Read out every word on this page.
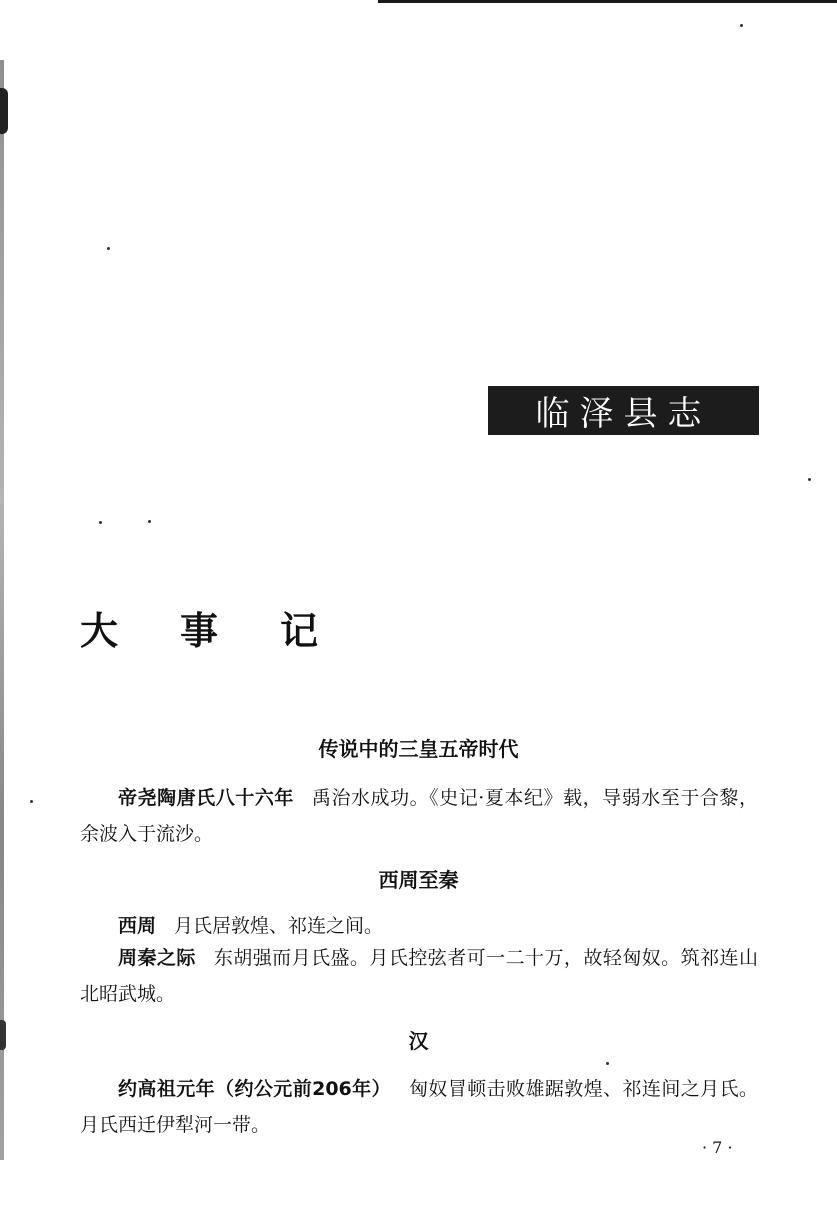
临泽县志
大事记
传说中的三皇五帝时代
帝尧陶唐氏八十六年 禹治水成功。《史记·夏本纪》载，导弱水至于合黎，余波入于流沙。
西周至秦
西周 月氏居敦煌、祁连之间。
周秦之际 东胡强而月氏盛。月氏控弦者可一二十万，故轻匈奴。筑祁连山北昭武城。
汉
约高祖元年（约公元前206年） 匈奴冒顿击败雄踞敦煌、祁连间之月氏。月氏西迁伊犁河一带。
· 7 ·
